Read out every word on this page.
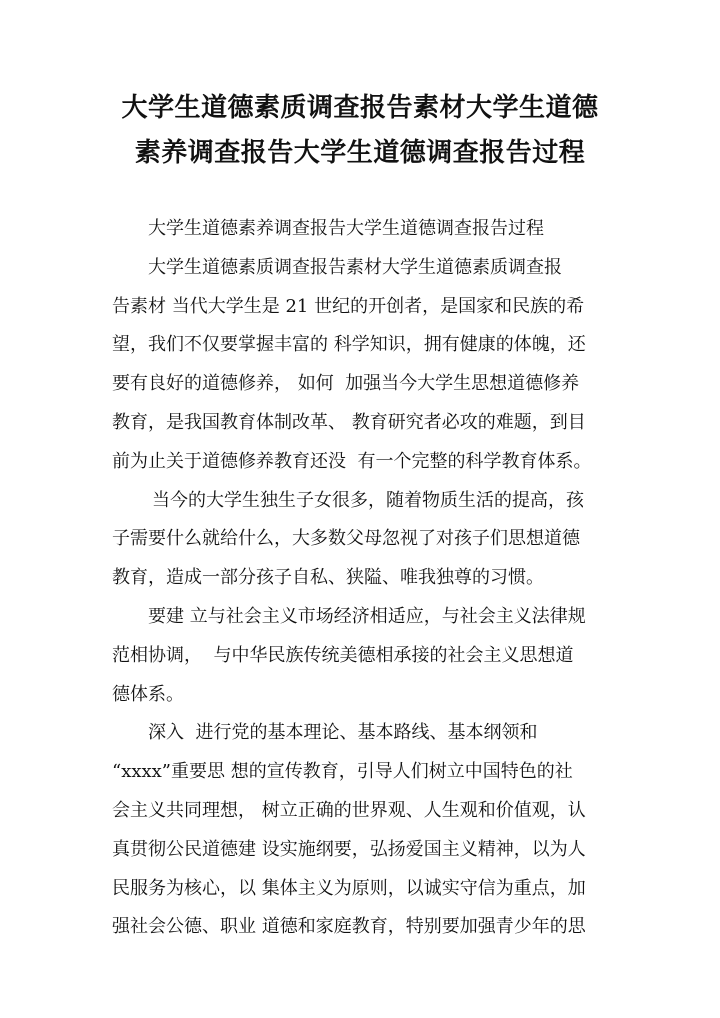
大学生道德素质调查报告素材大学生道德
素养调查报告大学生道德调查报告过程
大学生道德素养调查报告大学生道德调查报告过程
大学生道德素质调查报告素材大学生道德素质调查报
告素材 当代大学生是 21 世纪的开创者，是国家和民族的希
望，我们不仅要掌握丰富的 科学知识，拥有健康的体魄，还
要有良好的道德修养， 如何  加强当今大学生思想道德修养
教育，是我国教育体制改革、 教育研究者必攻的难题，到目
前为止关于道德修养教育还没  有一个完整的科学教育体系。
当今的大学生独生子女很多，随着物质生活的提高，孩
子需要什么就给什么，大多数父母忽视了对孩子们思想道德
教育，造成一部分孩子自私、狭隘、唯我独尊的习惯。
要建 立与社会主义市场经济相适应，与社会主义法律规
范相协调，  与中华民族传统美德相承接的社会主义思想道
德体系。
深入  进行党的基本理论、基本路线、基本纲领和
“xxxx”重要思 想的宣传教育，引导人们树立中国特色的社
会主义共同理想， 树立正确的世界观、人生观和价值观，认
真贯彻公民道德建 设实施纲要，弘扬爱国主义精神，以为人
民服务为核心，以 集体主义为原则，以诚实守信为重点，加
强社会公德、职业 道德和家庭教育，特别要加强青少年的思
